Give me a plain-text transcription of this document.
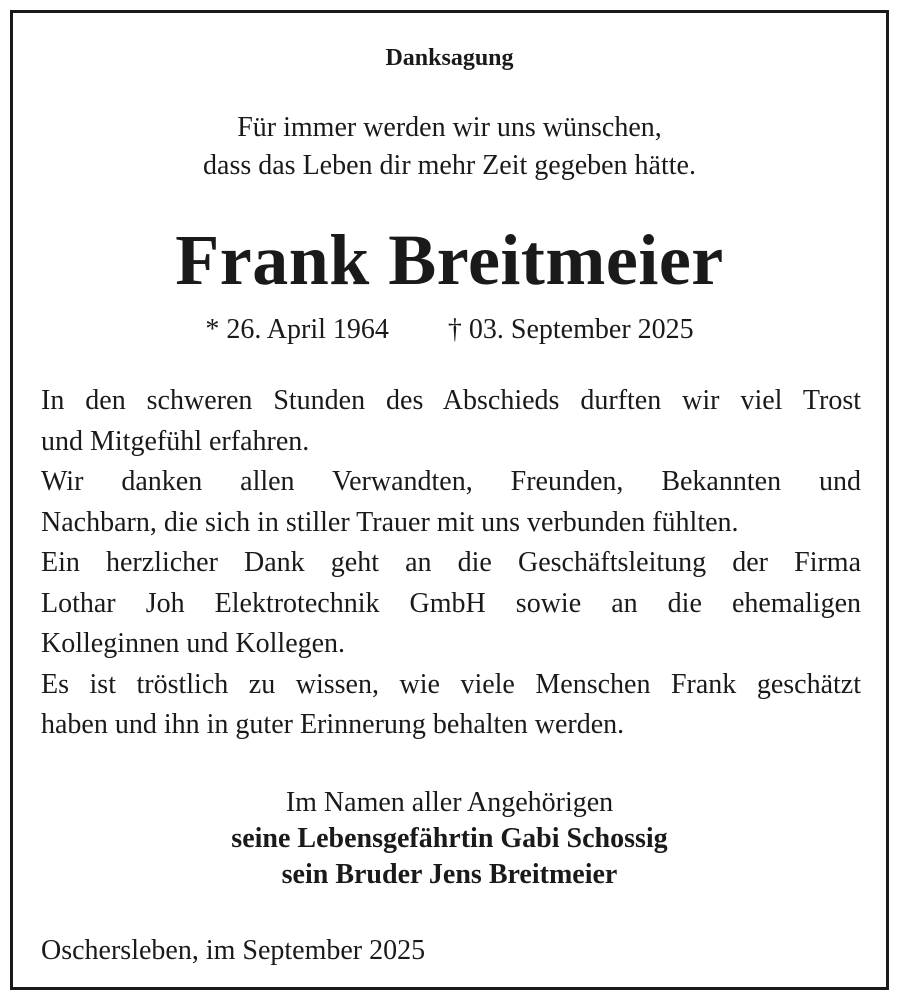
Danksagung
Für immer werden wir uns wünschen,
dass das Leben dir mehr Zeit gegeben hätte.
Frank Breitmeier
* 26. April 1964 † 03. September 2025
In den schweren Stunden des Abschieds durften wir viel Trost
und Mitgefühl erfahren.
Wir danken allen Verwandten, Freunden, Bekannten und
Nachbarn, die sich in stiller Trauer mit uns verbunden fühlten.
Ein herzlicher Dank geht an die Geschäftsleitung der Firma
Lothar Joh Elektrotechnik GmbH sowie an die ehemaligen
Kolleginnen und Kollegen.
Es ist tröstlich zu wissen, wie viele Menschen Frank geschätzt
haben und ihn in guter Erinnerung behalten werden.
Im Namen aller Angehörigen
seine Lebensgefährtin Gabi Schossig
sein Bruder Jens Breitmeier
Oschersleben, im September 2025
